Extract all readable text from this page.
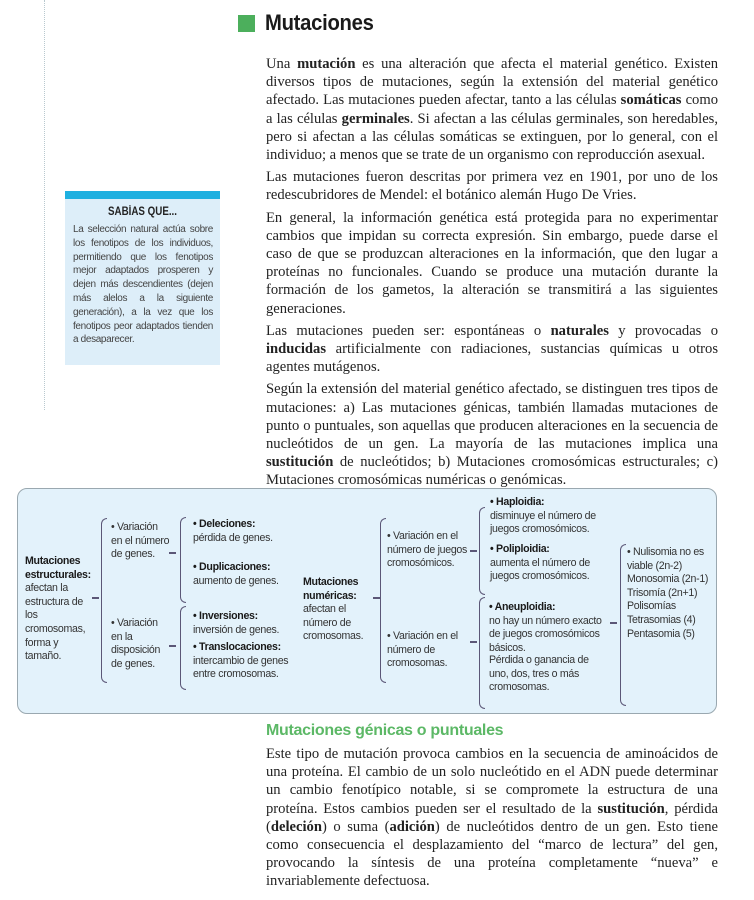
Mutaciones

Una mutación es una alteración que afecta el material genético. Existen diversos tipos de mutaciones, según la extensión del material genético afectado. Las mutaciones pueden afectar, tanto a las células somáticas como a las células germinales. Si afectan a las células germinales, son heredables, pero si afectan a las células somáticas se extinguen, por lo general, con el individuo; a menos que se trate de un organismo con reproducción asexual.

Las mutaciones fueron descritas por primera vez en 1901, por uno de los redescubridores de Mendel: el botánico alemán Hugo De Vries.

En general, la información genética está protegida para no experimentar cambios que impidan su correcta expresión. Sin embargo, puede darse el caso de que se produzcan alteraciones en la información, que den lugar a proteínas no funcionales. Cuando se produce una mutación durante la formación de los gametos, la alteración se transmitirá a las siguientes generaciones.

Las mutaciones pueden ser: espontáneas o naturales y provocadas o inducidas artificialmente con radiaciones, sustancias químicas u otros agentes mutágenos.

Según la extensión del material genético afectado, se distinguen tres tipos de mutaciones: a) Las mutaciones génicas, también llamadas mutaciones de punto o puntuales, son aquellas que producen alteraciones en la secuencia de nucleótidos de un gen. La mayoría de las mutaciones implica una sustitución de nucleótidos; b) Mutaciones cromosómicas estructurales; c) Mutaciones cromosómicas numéricas o genómicas.

SABÍAS QUE...
La selección natural actúa sobre los fenotipos de los individuos, permitiendo que los fenotipos mejor adaptados prosperen y dejen más descendientes (dejen más alelos a la siguiente generación), a la vez que los fenotipos peor adaptados tienden a desaparecer.
Mutaciones estructurales:
afectan la estructura de los cromosomas, forma y tamaño.
• Variación en el número de genes.
• Variación en la disposición de genes.
• Deleciones:
pérdida de genes.
• Duplicaciones:
aumento de genes.
• Inversiones:
inversión de genes.
• Translocaciones:
intercambio de genes entre cromosomas.
Mutaciones numéricas:
afectan el número de cromosomas.
• Variación en el número de juegos cromosómicos.
• Variación en el número de cromosomas.
• Haploidia:
disminuye el número de juegos cromosómicos.
• Poliploidia:
aumenta el número de juegos cromosómicos.
• Aneuploidia:
no hay un número exacto de juegos cromosómicos básicos.
Pérdida o ganancia de uno, dos, tres o más cromosomas.
• Nulisomia no es viable (2n-2) Monosomia (2n-1) Trisomía (2n+1) Polisomías Tetrasomias (4) Pentasomia (5)
Mutaciones génicas o puntuales

Este tipo de mutación provoca cambios en la secuencia de aminoácidos de una proteína. El cambio de un solo nucleótido en el ADN puede determinar un cambio fenotípico notable, si se compromete la estructura de una proteína. Estos cambios pueden ser el resultado de la sustitución, pérdida (deleción) o suma (adición) de nucleótidos dentro de un gen. Esto tiene como consecuencia el desplazamiento del “marco de lectura” del gen, provocando la síntesis de una proteína completamente “nueva” e invariablemente defectuosa.
